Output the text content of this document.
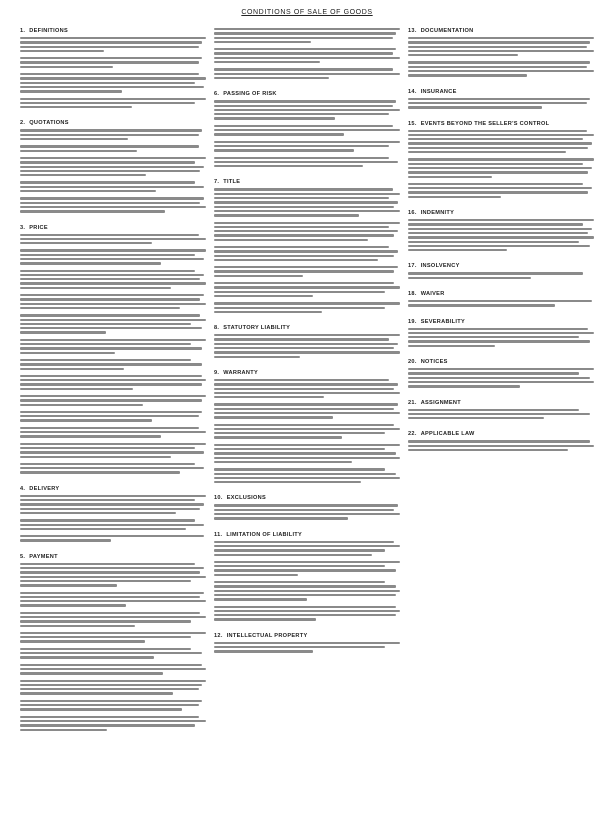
CONDITIONS OF SALE OF GOODS
1. DEFINITIONS
2. QUOTATIONS
3. PRICE
4. DELIVERY
5. PAYMENT
6. PASSING OF RISK
7. TITLE
8. STATUTORY LIABILITY
9. WARRANTY
10. EXCLUSIONS
11. LIMITATION OF LIABILITY
12. INTELLECTUAL PROPERTY
13. DOCUMENTATION
14. INSURANCE
15. EVENTS BEYOND THE SELLER'S CONTROL
16. INDEMNITY
17. INSOLVENCY
18. WAIVER
19. SEVERABILITY
20. NOTICES
21. ASSIGNMENT
22. APPLICABLE LAW
